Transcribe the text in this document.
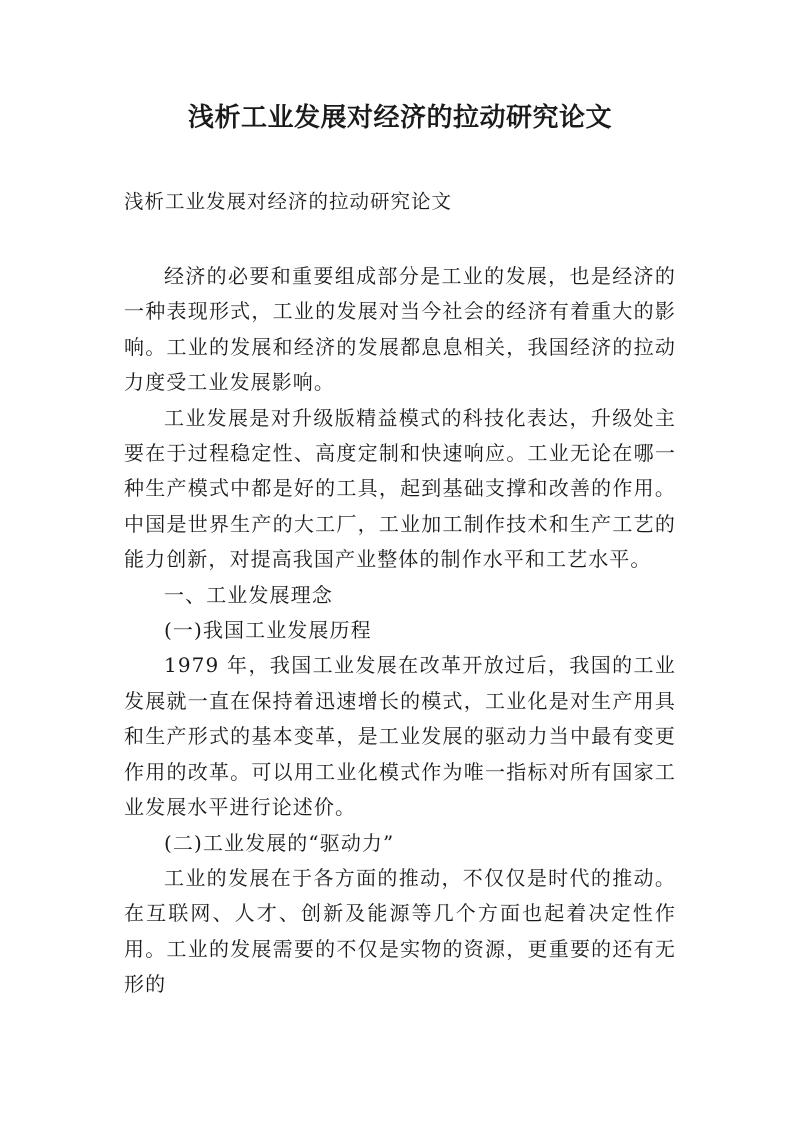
浅析工业发展对经济的拉动研究论文
浅析工业发展对经济的拉动研究论文

经济的必要和重要组成部分是工业的发展，也是经济的一种表现形式，工业的发展对当今社会的经济有着重大的影响。工业的发展和经济的发展都息息相关，我国经济的拉动力度受工业发展影响。

工业发展是对升级版精益模式的科技化表达，升级处主要在于过程稳定性、高度定制和快速响应。工业无论在哪一种生产模式中都是好的工具，起到基础支撑和改善的作用。中国是世界生产的大工厂，工业加工制作技术和生产工艺的能力创新，对提高我国产业整体的制作水平和工艺水平。

一、工业发展理念

(一)我国工业发展历程

1979 年，我国工业发展在改革开放过后，我国的工业发展就一直在保持着迅速增长的模式，工业化是对生产用具和生产形式的基本变革，是工业发展的驱动力当中最有变更作用的改革。可以用工业化模式作为唯一指标对所有国家工业发展水平进行论述价。

(二)工业发展的“驱动力”

工业的发展在于各方面的推动，不仅仅是时代的推动。在互联网、人才、创新及能源等几个方面也起着决定性作用。工业的发展需要的不仅是实物的资源，更重要的还有无形的
